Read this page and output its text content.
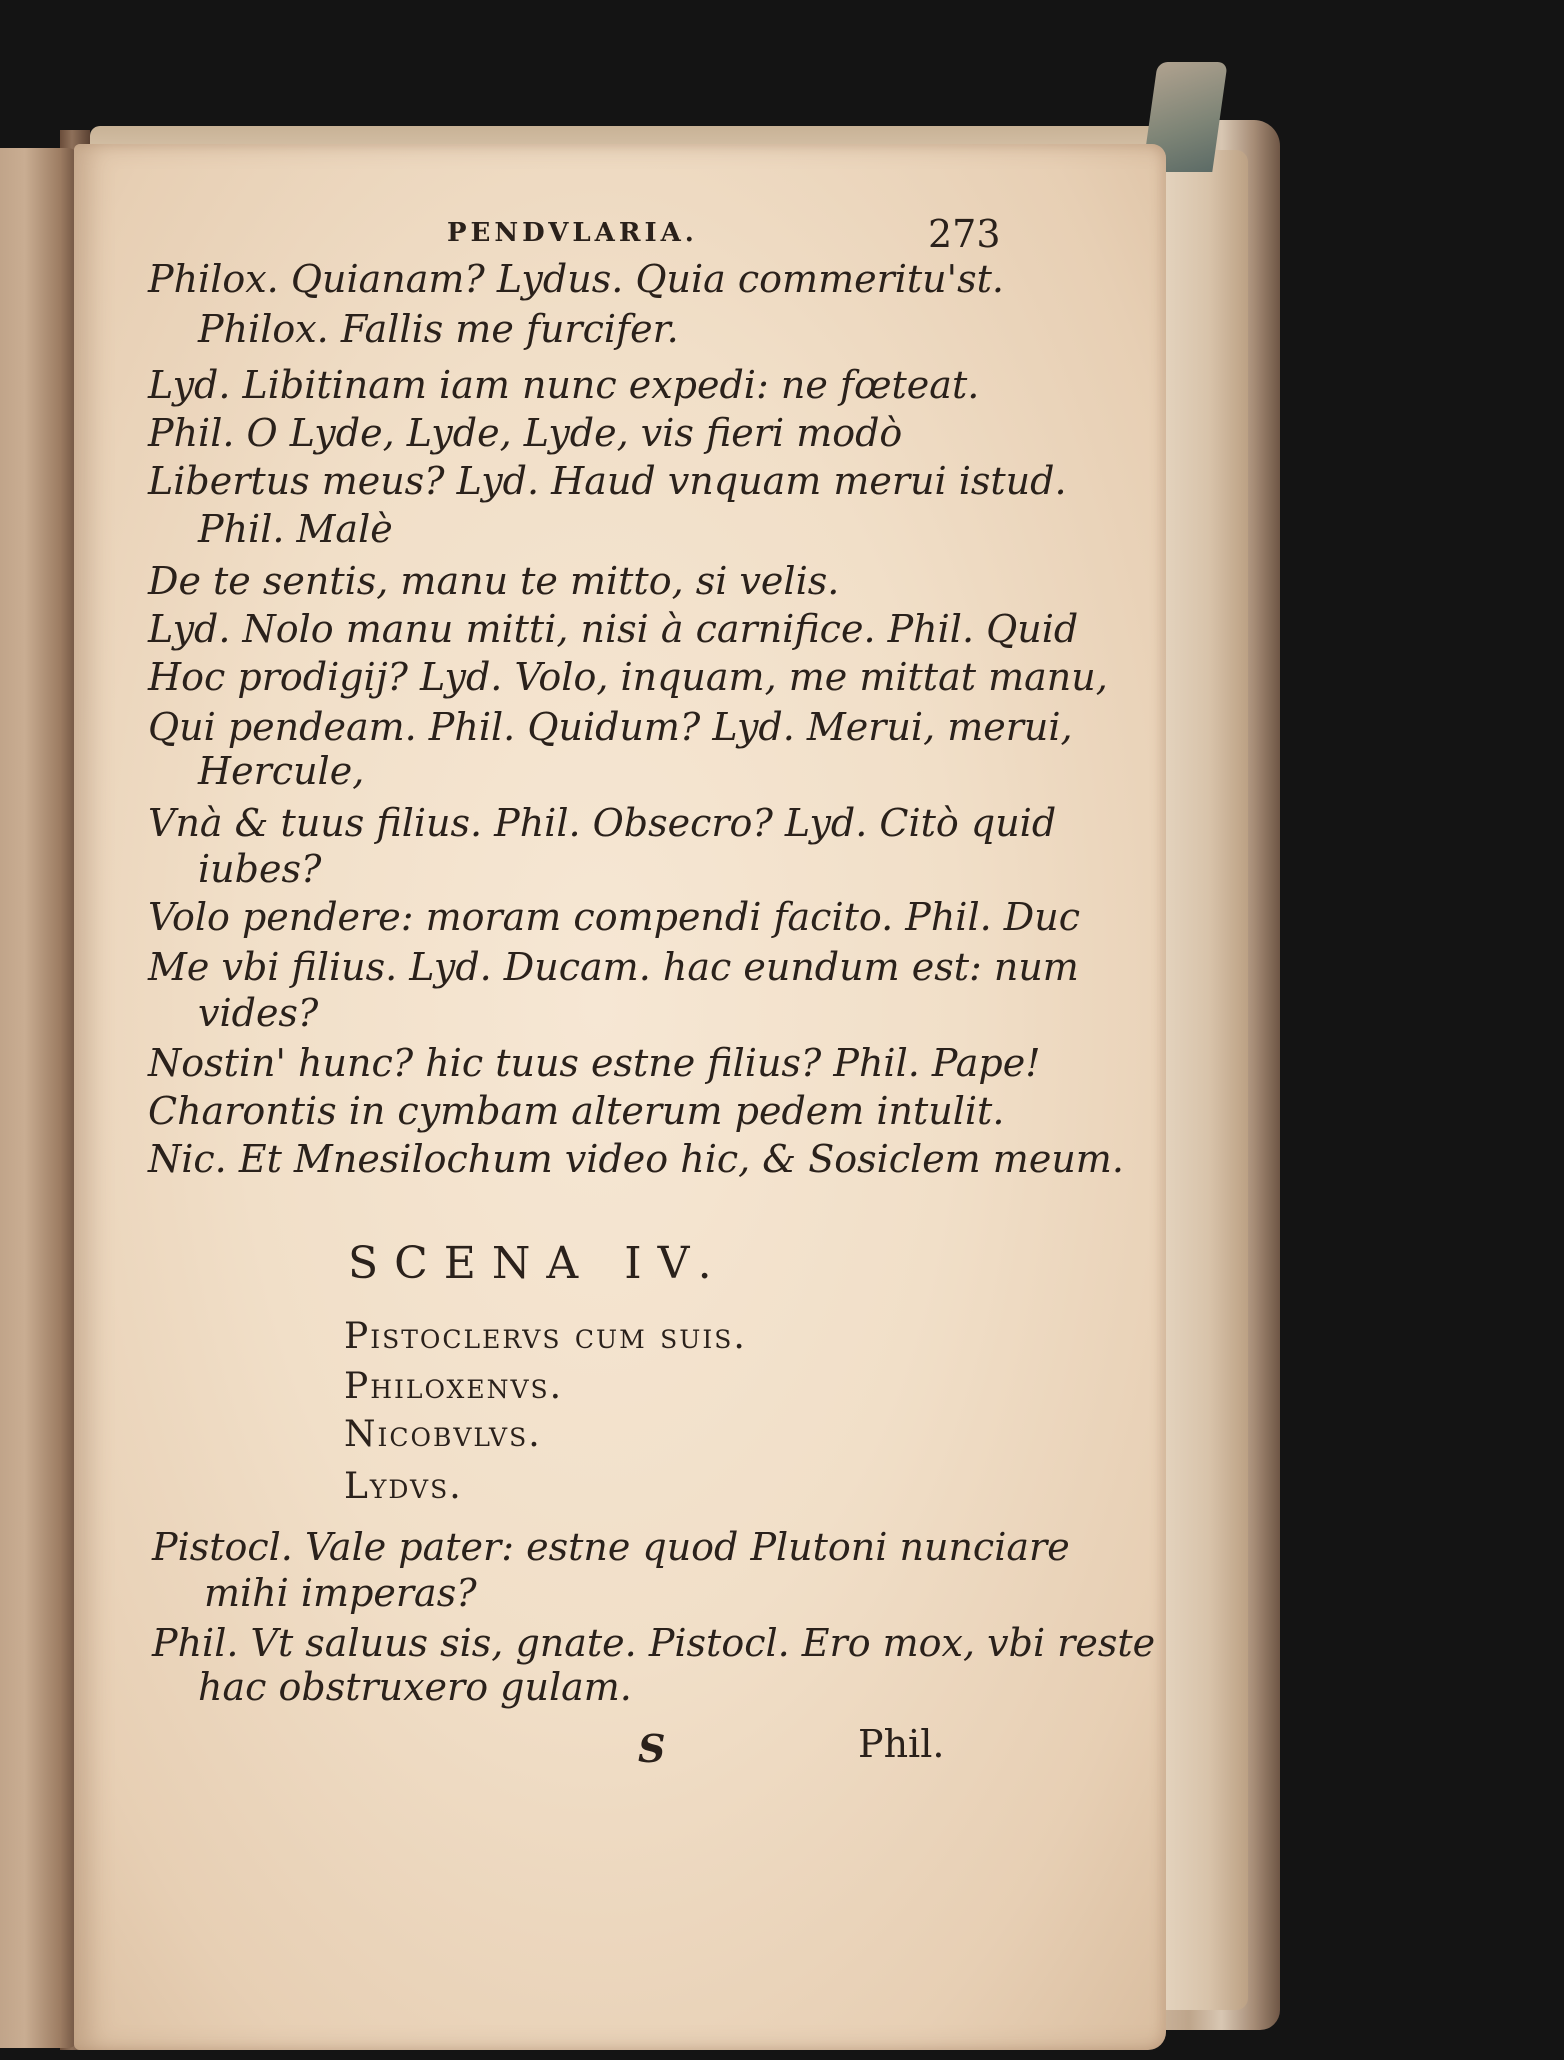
PENDVLARIA.	273
Philox. Quianam? Lydus. Quia commeritu'st.
Philox. Fallis me furcifer.
Lyd. Libitinam iam nunc expedi: ne fœteat.
Phil. O Lyde, Lyde, Lyde, vis fieri modò
Libertus meus? Lyd. Haud vnquam merui istud.
Phil. Malè
De te sentis, manu te mitto, si velis.
Lyd. Nolo manu mitti, nisi à carnifice. Phil. Quid
Hoc prodigij? Lyd. Volo, inquam, me mittat manu,
Qui pendeam. Phil. Quidum? Lyd. Merui, merui,
Hercule,
Vnà & tuus filius. Phil. Obsecro? Lyd. Citò quid
iubes?
Volo pendere: moram compendi facito. Phil. Duc
Me vbi filius. Lyd. Ducam. hac eundum est: num
vides?
Nostin' hunc? hic tuus estne filius? Phil. Pape!
Charontis in cymbam alterum pedem intulit.
Nic. Et Mnesilochum video hic, & Sosiclem meum.
SCENA IV.
Pistoclervs cum suis.
Philoxenvs.
Nicobvlvs.
Lydvs.
Pistocl. Vale pater: estne quod Plutoni nunciare
mihi imperas?
Phil. Vt saluus sis, gnate. Pistocl. Ero mox, vbi reste
hac obstruxero gulam.
S	Phil.
